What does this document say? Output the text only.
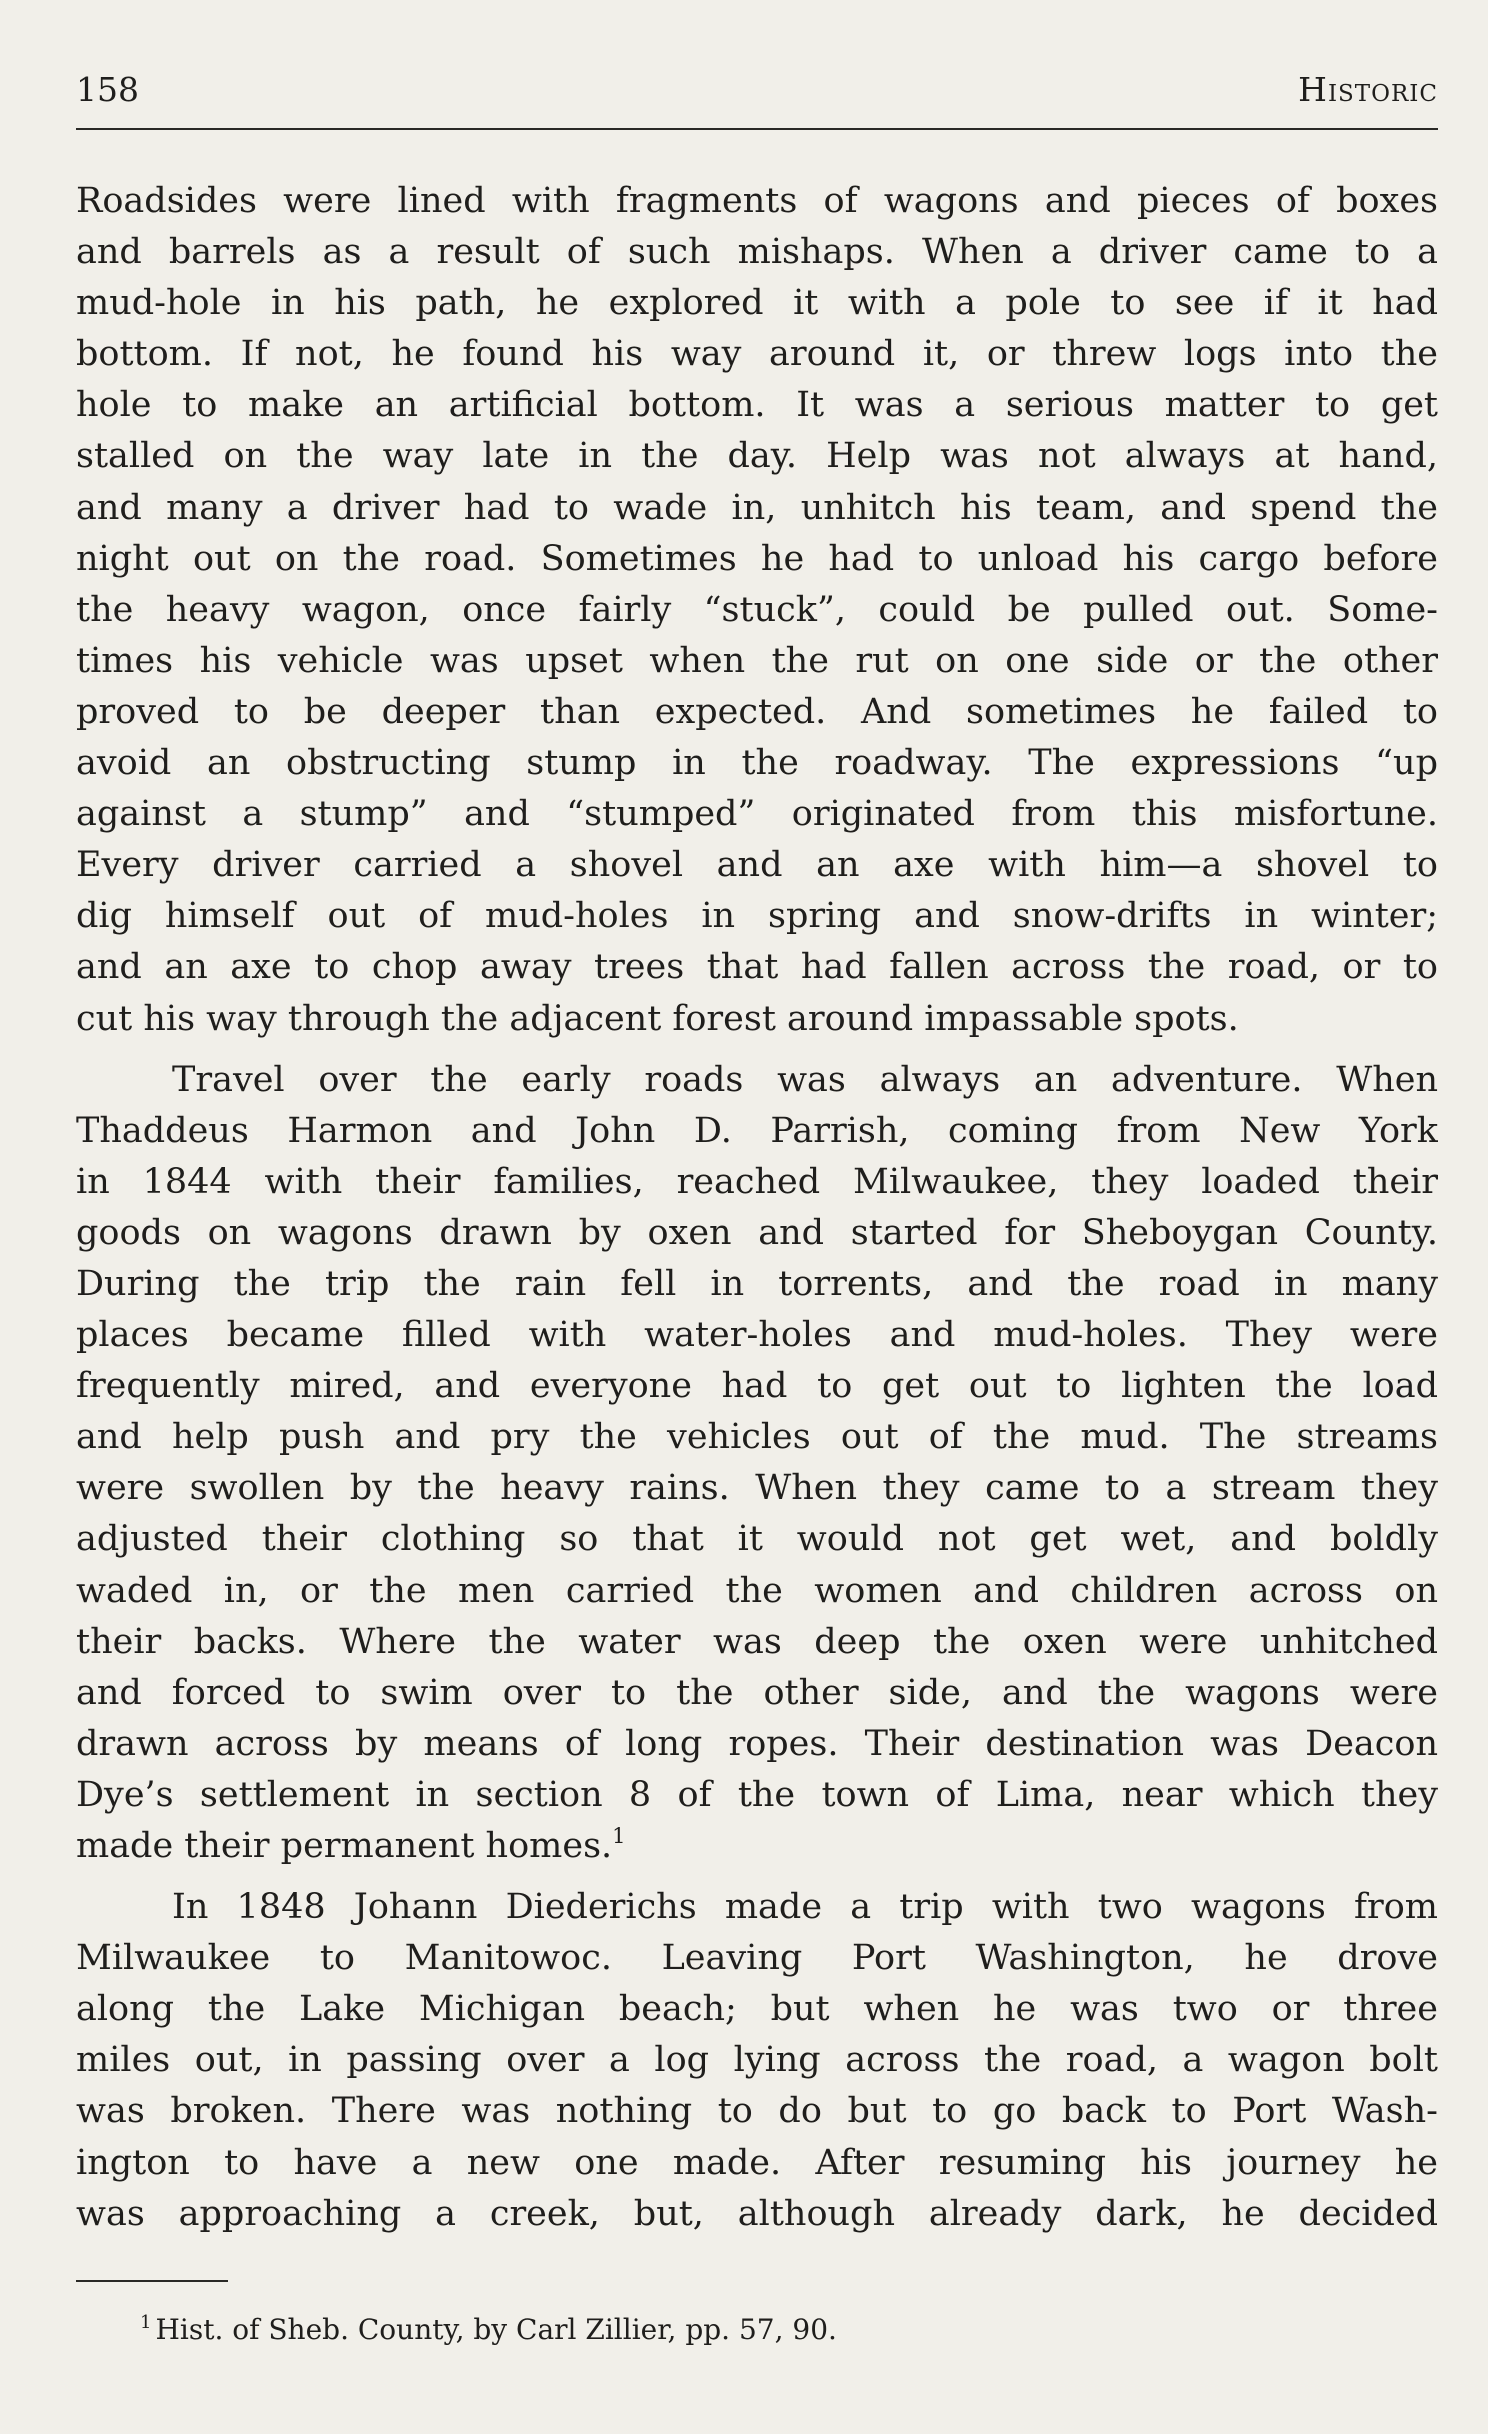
158	Historic
Roadsides were lined with fragments of wagons and pieces of boxes
and barrels as a result of such mishaps. When a driver came to a
mud-hole in his path, he explored it with a pole to see if it had
bottom. If not, he found his way around it, or threw logs into the
hole to make an artificial bottom. It was a serious matter to get
stalled on the way late in the day. Help was not always at hand,
and many a driver had to wade in, unhitch his team, and spend the
night out on the road. Sometimes he had to unload his cargo before
the heavy wagon, once fairly “stuck”, could be pulled out. Some-
times his vehicle was upset when the rut on one side or the other
proved to be deeper than expected. And sometimes he failed to
avoid an obstructing stump in the roadway. The expressions “up
against a stump” and “stumped” originated from this misfortune.
Every driver carried a shovel and an axe with him—a shovel to
dig himself out of mud-holes in spring and snow-drifts in winter;
and an axe to chop away trees that had fallen across the road, or to
cut his way through the adjacent forest around impassable spots.
Travel over the early roads was always an adventure. When
Thaddeus Harmon and John D. Parrish, coming from New York
in 1844 with their families, reached Milwaukee, they loaded their
goods on wagons drawn by oxen and started for Sheboygan County.
During the trip the rain fell in torrents, and the road in many
places became filled with water-holes and mud-holes. They were
frequently mired, and everyone had to get out to lighten the load
and help push and pry the vehicles out of the mud. The streams
were swollen by the heavy rains. When they came to a stream they
adjusted their clothing so that it would not get wet, and boldly
waded in, or the men carried the women and children across on
their backs. Where the water was deep the oxen were unhitched
and forced to swim over to the other side, and the wagons were
drawn across by means of long ropes. Their destination was Deacon
Dye’s settlement in section 8 of the town of Lima, near which they
made their permanent homes.$^1$
In 1848 Johann Diederichs made a trip with two wagons from
Milwaukee to Manitowoc. Leaving Port Washington, he drove
along the Lake Michigan beach; but when he was two or three
miles out, in passing over a log lying across the road, a wagon bolt
was broken. There was nothing to do but to go back to Port Wash-
ington to have a new one made. After resuming his journey he
was approaching a creek, but, although already dark, he decided
$^1$ Hist. of Sheb. County, by Carl Zillier, pp. 57, 90.
